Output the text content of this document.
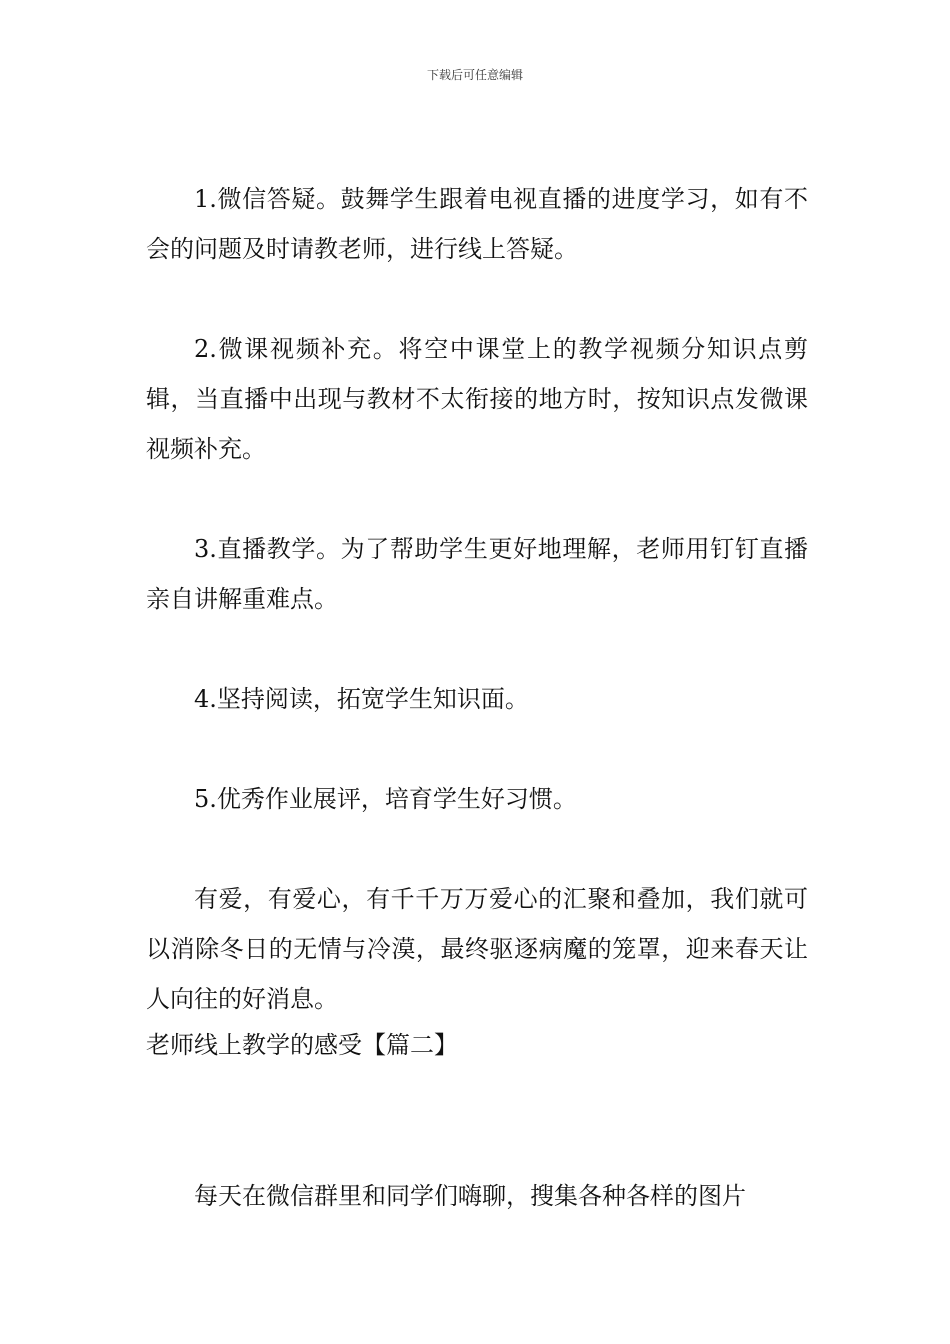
下载后可任意编辑

1.微信答疑。鼓舞学生跟着电视直播的进度学习，如有不会的问题及时请教老师，进行线上答疑。

2.微课视频补充。将空中课堂上的教学视频分知识点剪辑，当直播中出现与教材不太衔接的地方时，按知识点发微课视频补充。

3.直播教学。为了帮助学生更好地理解，老师用钉钉直播亲自讲解重难点。

4.坚持阅读，拓宽学生知识面。

5.优秀作业展评，培育学生好习惯。

有爱，有爱心，有千千万万爱心的汇聚和叠加，我们就可以消除冬日的无情与冷漠，最终驱逐病魔的笼罩，迎来春天让人向往的好消息。

老师线上教学的感受【篇二】

每天在微信群里和同学们嗨聊，搜集各种各样的图片
